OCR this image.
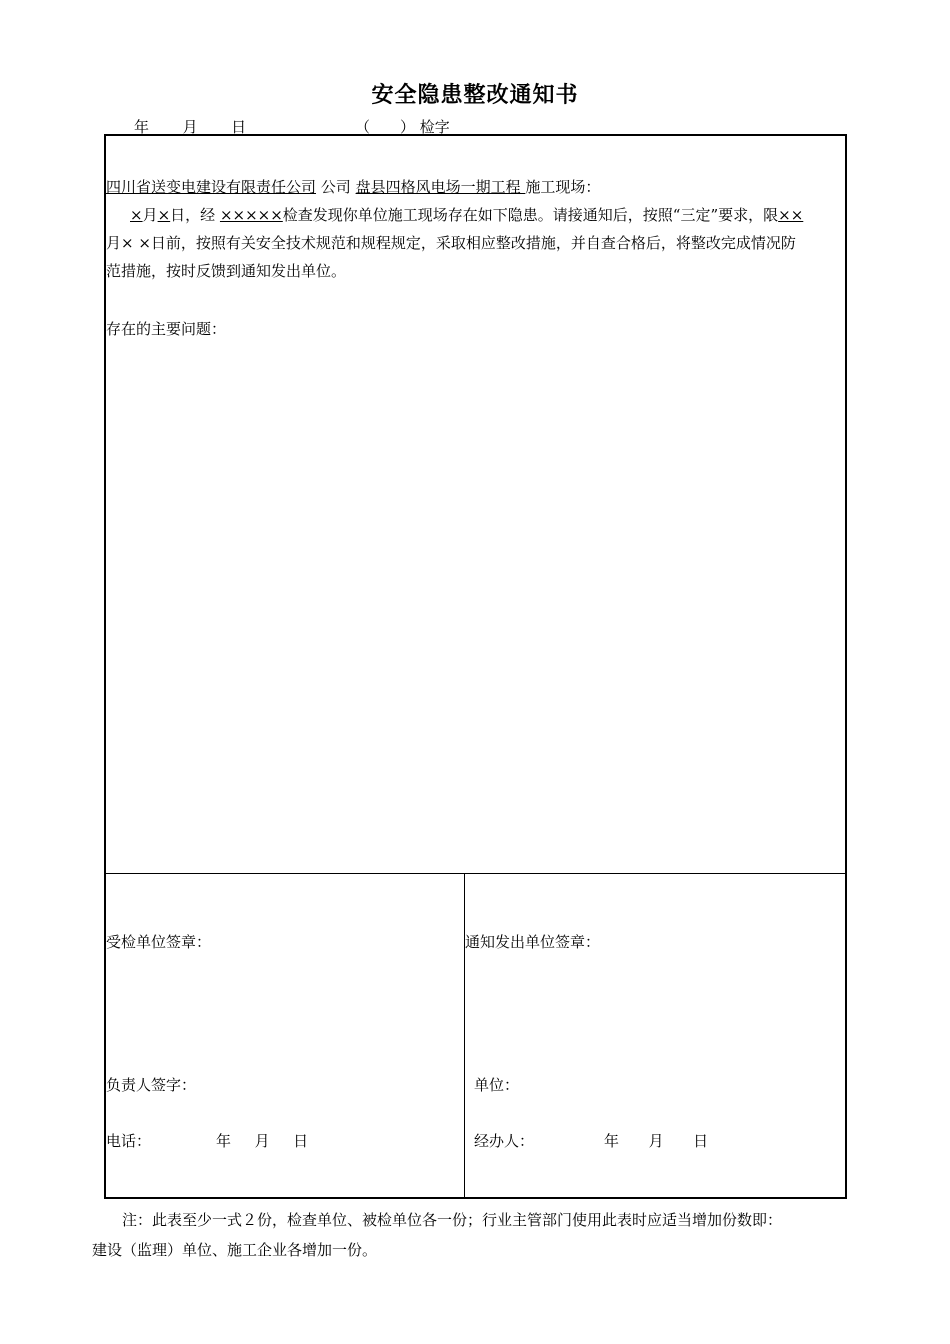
安全隐患整改通知书
年 月 日	（　　） 检字
四川省送变电建设有限责任公司 公司 盘县四格风电场一期工程 施工现场：
×月×日，经 ×××××检查发现你单位施工现场存在如下隐患。请接通知后，按照“三定”要求，限××
月× ×日前，按照有关安全技术规范和规程规定，采取相应整改措施，并自查合格后，将整改完成情况防
范措施，按时反馈到通知发出单位。
存在的主要问题：
受检单位签章：	通知发出单位签章：
负责人签字：	单位：
电话：	年 月 日	经办人：	年 月 日
注：此表至少一式２份，检查单位、被检单位各一份；行业主管部门使用此表时应适当增加份数即：
建设（监理）单位、施工企业各增加一份。
